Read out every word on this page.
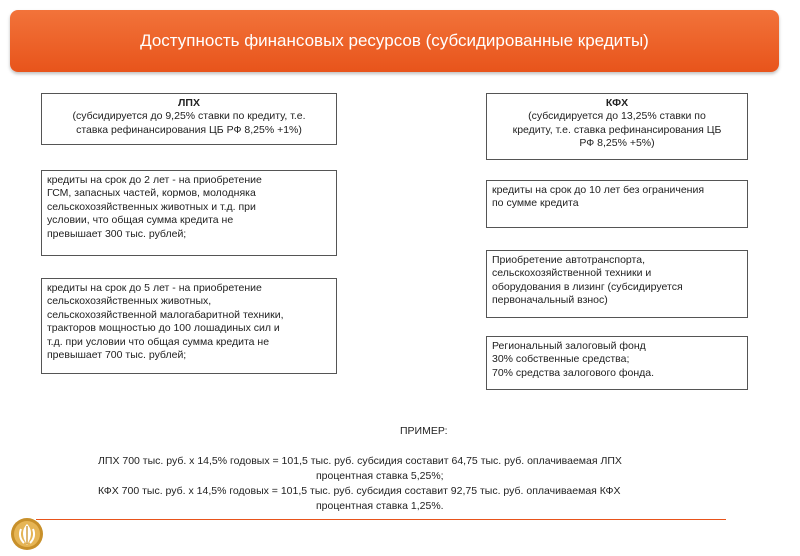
Доступность финансовых ресурсов (субсидированные кредиты)
ЛПХ
(субсидируется до 9,25% ставки по кредиту, т.е.
ставка рефинансирования ЦБ РФ 8,25% +1%)
кредиты на срок до 2 лет - на приобретение
ГСМ, запасных частей, кормов, молодняка
сельскохозяйственных животных и т.д. при
условии, что общая сумма кредита не
превышает 300 тыс. рублей;
кредиты на срок до 5 лет - на приобретение
сельскохозяйственных животных,
сельскохозяйственной малогабаритной техники,
тракторов мощностью до 100 лошадиных сил и
т.д. при условии что общая сумма кредита не
превышает 700 тыс. рублей;
КФХ
(субсидируется до 13,25% ставки по
кредиту, т.е. ставка рефинансирования ЦБ
РФ 8,25% +5%)
кредиты на срок до 10 лет без ограничения
по сумме кредита
Приобретение автотранспорта,
сельскохозяйственной техники и
оборудования в лизинг (субсидируется
первоначальный взнос)
Региональный залоговый фонд
30% собственные средства;
70% средства залогового фонда.
ПРИМЕР:

ЛПХ 700 тыс. руб. х 14,5% годовых = 101,5 тыс. руб. субсидия составит 64,75 тыс. руб. оплачиваемая ЛПХ
процентная ставка 5,25%;
КФХ 700 тыс. руб. х 14,5% годовых = 101,5 тыс. руб. субсидия составит 92,75 тыс. руб. оплачиваемая КФХ
процентная ставка 1,25%.
